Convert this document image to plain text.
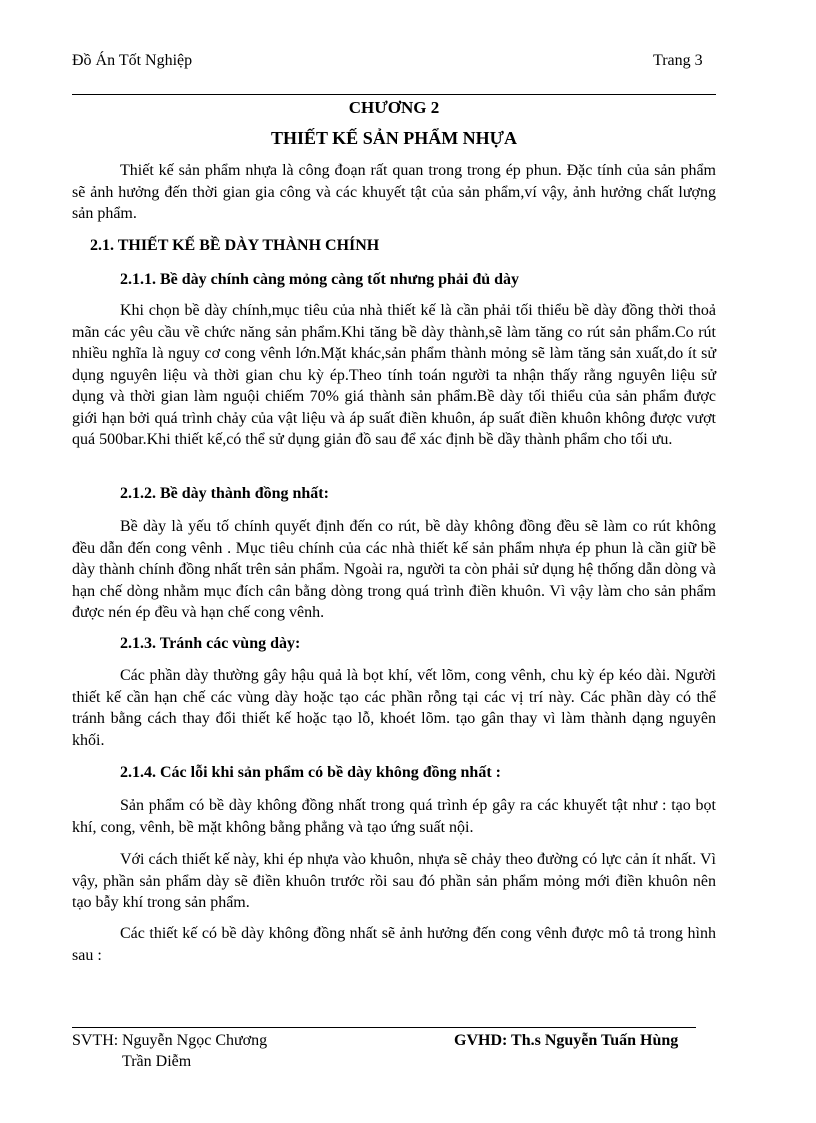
Đồ Án Tốt Nghiệp	Trang 3
CHƯƠNG 2
THIẾT KẾ SẢN PHẨM NHỰA
Thiết kế sản phẩm nhựa là công đoạn rất quan trong trong ép phun. Đặc tính của sản phẩm sẽ ảnh hưởng đến thời gian gia công và các khuyết tật của sản phẩm,ví vậy, ảnh hưởng chất lượng sản phẩm.
2.1. THIẾT KẾ BỀ DÀY THÀNH CHÍNH
2.1.1. Bề dày chính càng mỏng càng tốt nhưng phải đủ dày
Khi chọn bề dày chính,mục tiêu của nhà thiết kế là cần phải tối thiểu bề dày đồng thời thoả mãn các yêu cầu về chức năng sản phẩm.Khi tăng bề dày thành,sẽ làm tăng co rút sản phẩm.Co rút nhiều nghĩa là nguy cơ cong vênh lớn.Mặt khác,sản phẩm thành mỏng sẽ làm tăng sản xuất,do ít sử dụng nguyên liệu và thời gian chu kỳ ép.Theo tính toán người ta nhận thấy rằng nguyên liệu sử dụng và thời gian làm nguội chiếm 70% giá thành sản phẩm.Bề dày tối thiểu của sản phẩm được giới hạn bởi quá trình chảy của vật liệu và áp suất điền khuôn, áp suất điền khuôn không được vượt quá 500bar.Khi thiết kế,có thể sử dụng giản đồ sau để xác định bề dầy thành phẩm cho tối ưu.
2.1.2. Bề dày thành đồng nhất:
Bề dày là yếu tố chính quyết định đến co rút, bề dày không đồng đều sẽ làm co rút không đều dẫn đến cong vênh . Mục tiêu chính của các nhà thiết kế sản phẩm nhựa ép phun là cần giữ bề dày thành chính đồng nhất trên sản phẩm. Ngoài ra, người ta còn phải sử dụng hệ thống dẫn dòng và hạn chế dòng nhằm mục đích cân bằng dòng trong quá trình điền khuôn. Vì vậy làm cho sản phẩm được nén ép đều và hạn chế cong vênh.
2.1.3. Tránh các vùng dày:
Các phần dày thường gây hậu quả là bọt khí, vết lõm, cong vênh, chu kỳ ép kéo dài. Người thiết kế cần hạn chế các vùng dày hoặc tạo các phần rỗng tại các vị trí này. Các phần dày có thể tránh bằng cách thay đổi thiết kế hoặc tạo lỗ, khoét lõm. tạo gân thay vì làm thành dạng nguyên khối.
2.1.4. Các lỗi khi sản phẩm có bề dày không đồng nhất :
Sản phẩm có bề dày không đồng nhất trong quá trình ép gây ra các khuyết tật như : tạo bọt khí, cong, vênh, bề mặt không bằng phẳng và tạo ứng suất nội.
Với cách thiết kế này, khi ép nhựa vào khuôn, nhựa sẽ chảy theo đường có lực cản ít nhất. Vì vậy, phần sản phẩm dày sẽ điền khuôn trước rồi sau đó phần sản phẩm mỏng mới điền khuôn nên tạo bẫy khí trong sản phẩm.
Các thiết kế có bề dày không đồng nhất sẽ ảnh hưởng đến cong vênh được mô tả trong hình sau :
SVTH: Nguyễn Ngọc Chương
Trần Diễm
GVHD: Th.s Nguyễn Tuấn Hùng
